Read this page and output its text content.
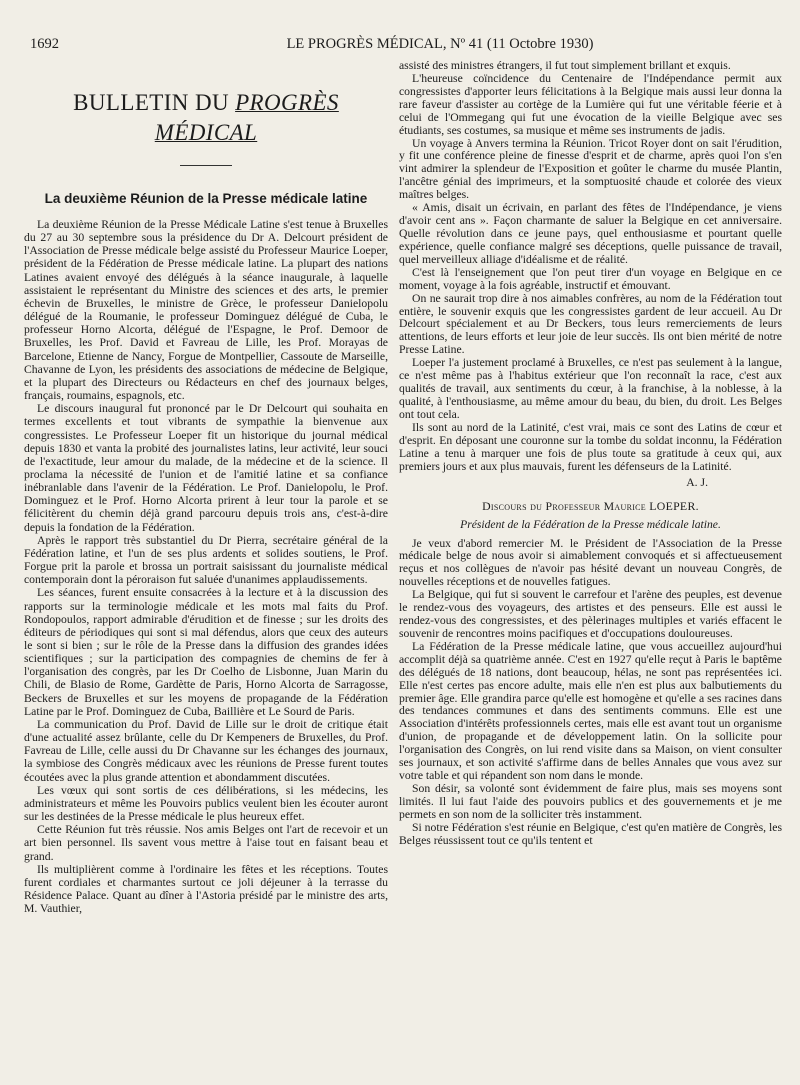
1692	LE PROGRÈS MÉDICAL, Nº 41 (11 Octobre 1930)
BULLETIN DU PROGRÈS MÉDICAL
La deuxième Réunion de la Presse médicale latine

La deuxième Réunion de la Presse Médicale Latine s'est tenue à Bruxelles du 27 au 30 septembre sous la présidence du Dr A. Delcourt président de l'Association de Presse médicale belge assisté du Professeur Maurice Loeper, président de la Fédération de Presse médicale latine. La plupart des nations Latines avaient envoyé des délégués à la séance inaugurale, à laquelle assistaient le représentant du Ministre des sciences et des arts, le premier échevin de Bruxelles, le ministre de Grèce, le professeur Danielopolu délégué de la Roumanie, le professeur Dominguez délégué de Cuba, le professeur Horno Alcorta, délégué de l'Espagne, le Prof. Demoor de Bruxelles, les Prof. David et Favreau de Lille, les Prof. Morayas de Barcelone, Etienne de Nancy, Forgue de Montpellier, Cassoute de Marseille, Chavanne de Lyon, les présidents des associations de médecine de Belgique, et la plupart des Directeurs ou Rédacteurs en chef des journaux belges, français, roumains, espagnols, etc.

Le discours inaugural fut prononcé par le Dr Delcourt qui souhaita en termes excellents et tout vibrants de sympathie la bienvenue aux congressistes. Le Professeur Loeper fit un historique du journal médical depuis 1830 et vanta la probité des journalistes latins, leur activité, leur souci de l'exactitude, leur amour du malade, de la médecine et de la science. Il proclama la nécessité de l'union et de l'amitié latine et sa confiance inébranlable dans l'avenir de la Fédération. Le Prof. Danielopolu, le Prof. Dominguez et le Prof. Horno Alcorta prirent à leur tour la parole et se félicitèrent du chemin déjà grand parcouru depuis trois ans, c'est-à-dire depuis la fondation de la Fédération.

Après le rapport très substantiel du Dr Pierra, secrétaire général de la Fédération latine, et l'un de ses plus ardents et solides soutiens, le Prof. Forgue prit la parole et brossa un portrait saisissant du journaliste médical contemporain dont la péroraison fut saluée d'unanimes applaudissements.

Les séances, furent ensuite consacrées à la lecture et à la discussion des rapports sur la terminologie médicale et les mots mal faits du Prof. Rondopoulos, rapport admirable d'érudition et de finesse ; sur les droits des éditeurs de périodiques qui sont si mal défendus, alors que ceux des auteurs le sont si bien ; sur le rôle de la Presse dans la diffusion des grandes idées scientifiques ; sur la participation des compagnies de chemins de fer à l'organisation des congrès, par les Dr Coelho de Lisbonne, Juan Marin du Chili, de Blasio de Rome, Gardètte de Paris, Horno Alcorta de Sarragosse, Beckers de Bruxelles et sur les moyens de propagande de la Fédération Latine par le Prof. Dominguez de Cuba, Baillière et Le Sourd de Paris.

La communication du Prof. David de Lille sur le droit de critique était d'une actualité assez brûlante, celle du Dr Kempeners de Bruxelles, du Prof. Favreau de Lille, celle aussi du Dr Chavanne sur les échanges des journaux, la symbiose des Congrès médicaux avec les réunions de Presse furent toutes écoutées avec la plus grande attention et abondamment discutées.

Les vœux qui sont sortis de ces délibérations, si les médecins, les administrateurs et même les Pouvoirs publics veulent bien les écouter auront sur les destinées de la Presse médicale le plus heureux effet.

Cette Réunion fut très réussie. Nos amis Belges ont l'art de recevoir et un art bien personnel. Ils savent vous mettre à l'aise tout en faisant beau et grand.

Ils multiplièrent comme à l'ordinaire les fêtes et les réceptions. Toutes furent cordiales et charmantes surtout ce joli déjeuner à la terrasse du Résidence Palace. Quant au dîner à l'Astoria présidé par le ministre des arts, M. Vauthier,

assisté des ministres étrangers, il fut tout simplement brillant et exquis.

L'heureuse coïncidence du Centenaire de l'Indépendance permit aux congressistes d'apporter leurs félicitations à la Belgique mais aussi leur donna la rare faveur d'assister au cortège de la Lumière qui fut une véritable féerie et à celui de l'Ommegang qui fut une évocation de la vieille Belgique avec ses étudiants, ses costumes, sa musique et même ses instruments de jadis.

Un voyage à Anvers termina la Réunion. Tricot Royer dont on sait l'érudition, y fit une conférence pleine de finesse d'esprit et de charme, après quoi l'on s'en vint admirer la splendeur de l'Exposition et goûter le charme du musée Plantin, l'ancêtre génial des imprimeurs, et la somptuosité chaude et colorée des vieux maîtres belges.

« Amis, disait un écrivain, en parlant des fêtes de l'Indépendance, je viens d'avoir cent ans ». Façon charmante de saluer la Belgique en cet anniversaire. Quelle révolution dans ce jeune pays, quel enthousiasme et pourtant quelle expérience, quelle confiance malgré ses déceptions, quelle puissance de travail, quel merveilleux alliage d'idéalisme et de réalité.

C'est là l'enseignement que l'on peut tirer d'un voyage en Belgique en ce moment, voyage à la fois agréable, instructif et émouvant.

On ne saurait trop dire à nos aimables confrères, au nom de la Fédération tout entière, le souvenir exquis que les congressistes gardent de leur accueil. Au Dr Delcourt spécialement et au Dr Beckers, tous leurs remerciements de leurs attentions, de leurs efforts et leur joie de leur succès. Ils ont bien mérité de notre Presse Latine.

Loeper l'a justement proclamé à Bruxelles, ce n'est pas seulement à la langue, ce n'est même pas à l'habitus extérieur que l'on reconnaît la race, c'est aux qualités de travail, aux sentiments du cœur, à la franchise, à la noblesse, à la qualité, à l'enthousiasme, au même amour du beau, du bien, du droit. Les Belges ont tout cela.

Ils sont au nord de la Latinité, c'est vrai, mais ce sont des Latins de cœur et d'esprit. En déposant une couronne sur la tombe du soldat inconnu, la Fédération Latine a tenu à marquer une fois de plus toute sa gratitude à ceux qui, aux premiers jours et aux plus mauvais, furent les défenseurs de la Latinité.

A. J.
Discours du Professeur Maurice LOEPER.
Président de la Fédération de la Presse médicale latine.

Je veux d'abord remercier M. le Président de l'Association de la Presse médicale belge de nous avoir si aimablement convoqués et si affectueusement reçus et nos collègues de n'avoir pas hésité devant un nouveau Congrès, de nouvelles réceptions et de nouvelles fatigues.

La Belgique, qui fut si souvent le carrefour et l'arène des peuples, est devenue le rendez-vous des voyageurs, des artistes et des penseurs. Elle est aussi le rendez-vous des congressistes, et des pèlerinages multiples et variés effacent le souvenir de rencontres moins pacifiques et d'occupations douloureuses.

La Fédération de la Presse médicale latine, que vous accueillez aujourd'hui accomplit déjà sa quatrième année. C'est en 1927 qu'elle reçut à Paris le baptême des délégués de 18 nations, dont beaucoup, hélas, ne sont pas représentées ici. Elle n'est certes pas encore adulte, mais elle n'en est plus aux balbutiements du premier âge. Elle grandira parce qu'elle est homogène et qu'elle a ses racines dans des tendances communes et dans des sentiments communs. Elle est une Association d'intérêts professionnels certes, mais elle est avant tout un organisme d'union, de propagande et de développement latin. On la sollicite pour l'organisation des Congrès, on lui rend visite dans sa Maison, on vient consulter ses journaux, et son activité s'affirme dans de belles Annales que vous avez sur votre table et qui répandent son nom dans le monde.

Son désir, sa volonté sont évidemment de faire plus, mais ses moyens sont limités. Il lui faut l'aide des pouvoirs publics et des gouvernements et je me permets en son nom de la solliciter très instamment.

Si notre Fédération s'est réunie en Belgique, c'est qu'en matière de Congrès, les Belges réussissent tout ce qu'ils tentent et
